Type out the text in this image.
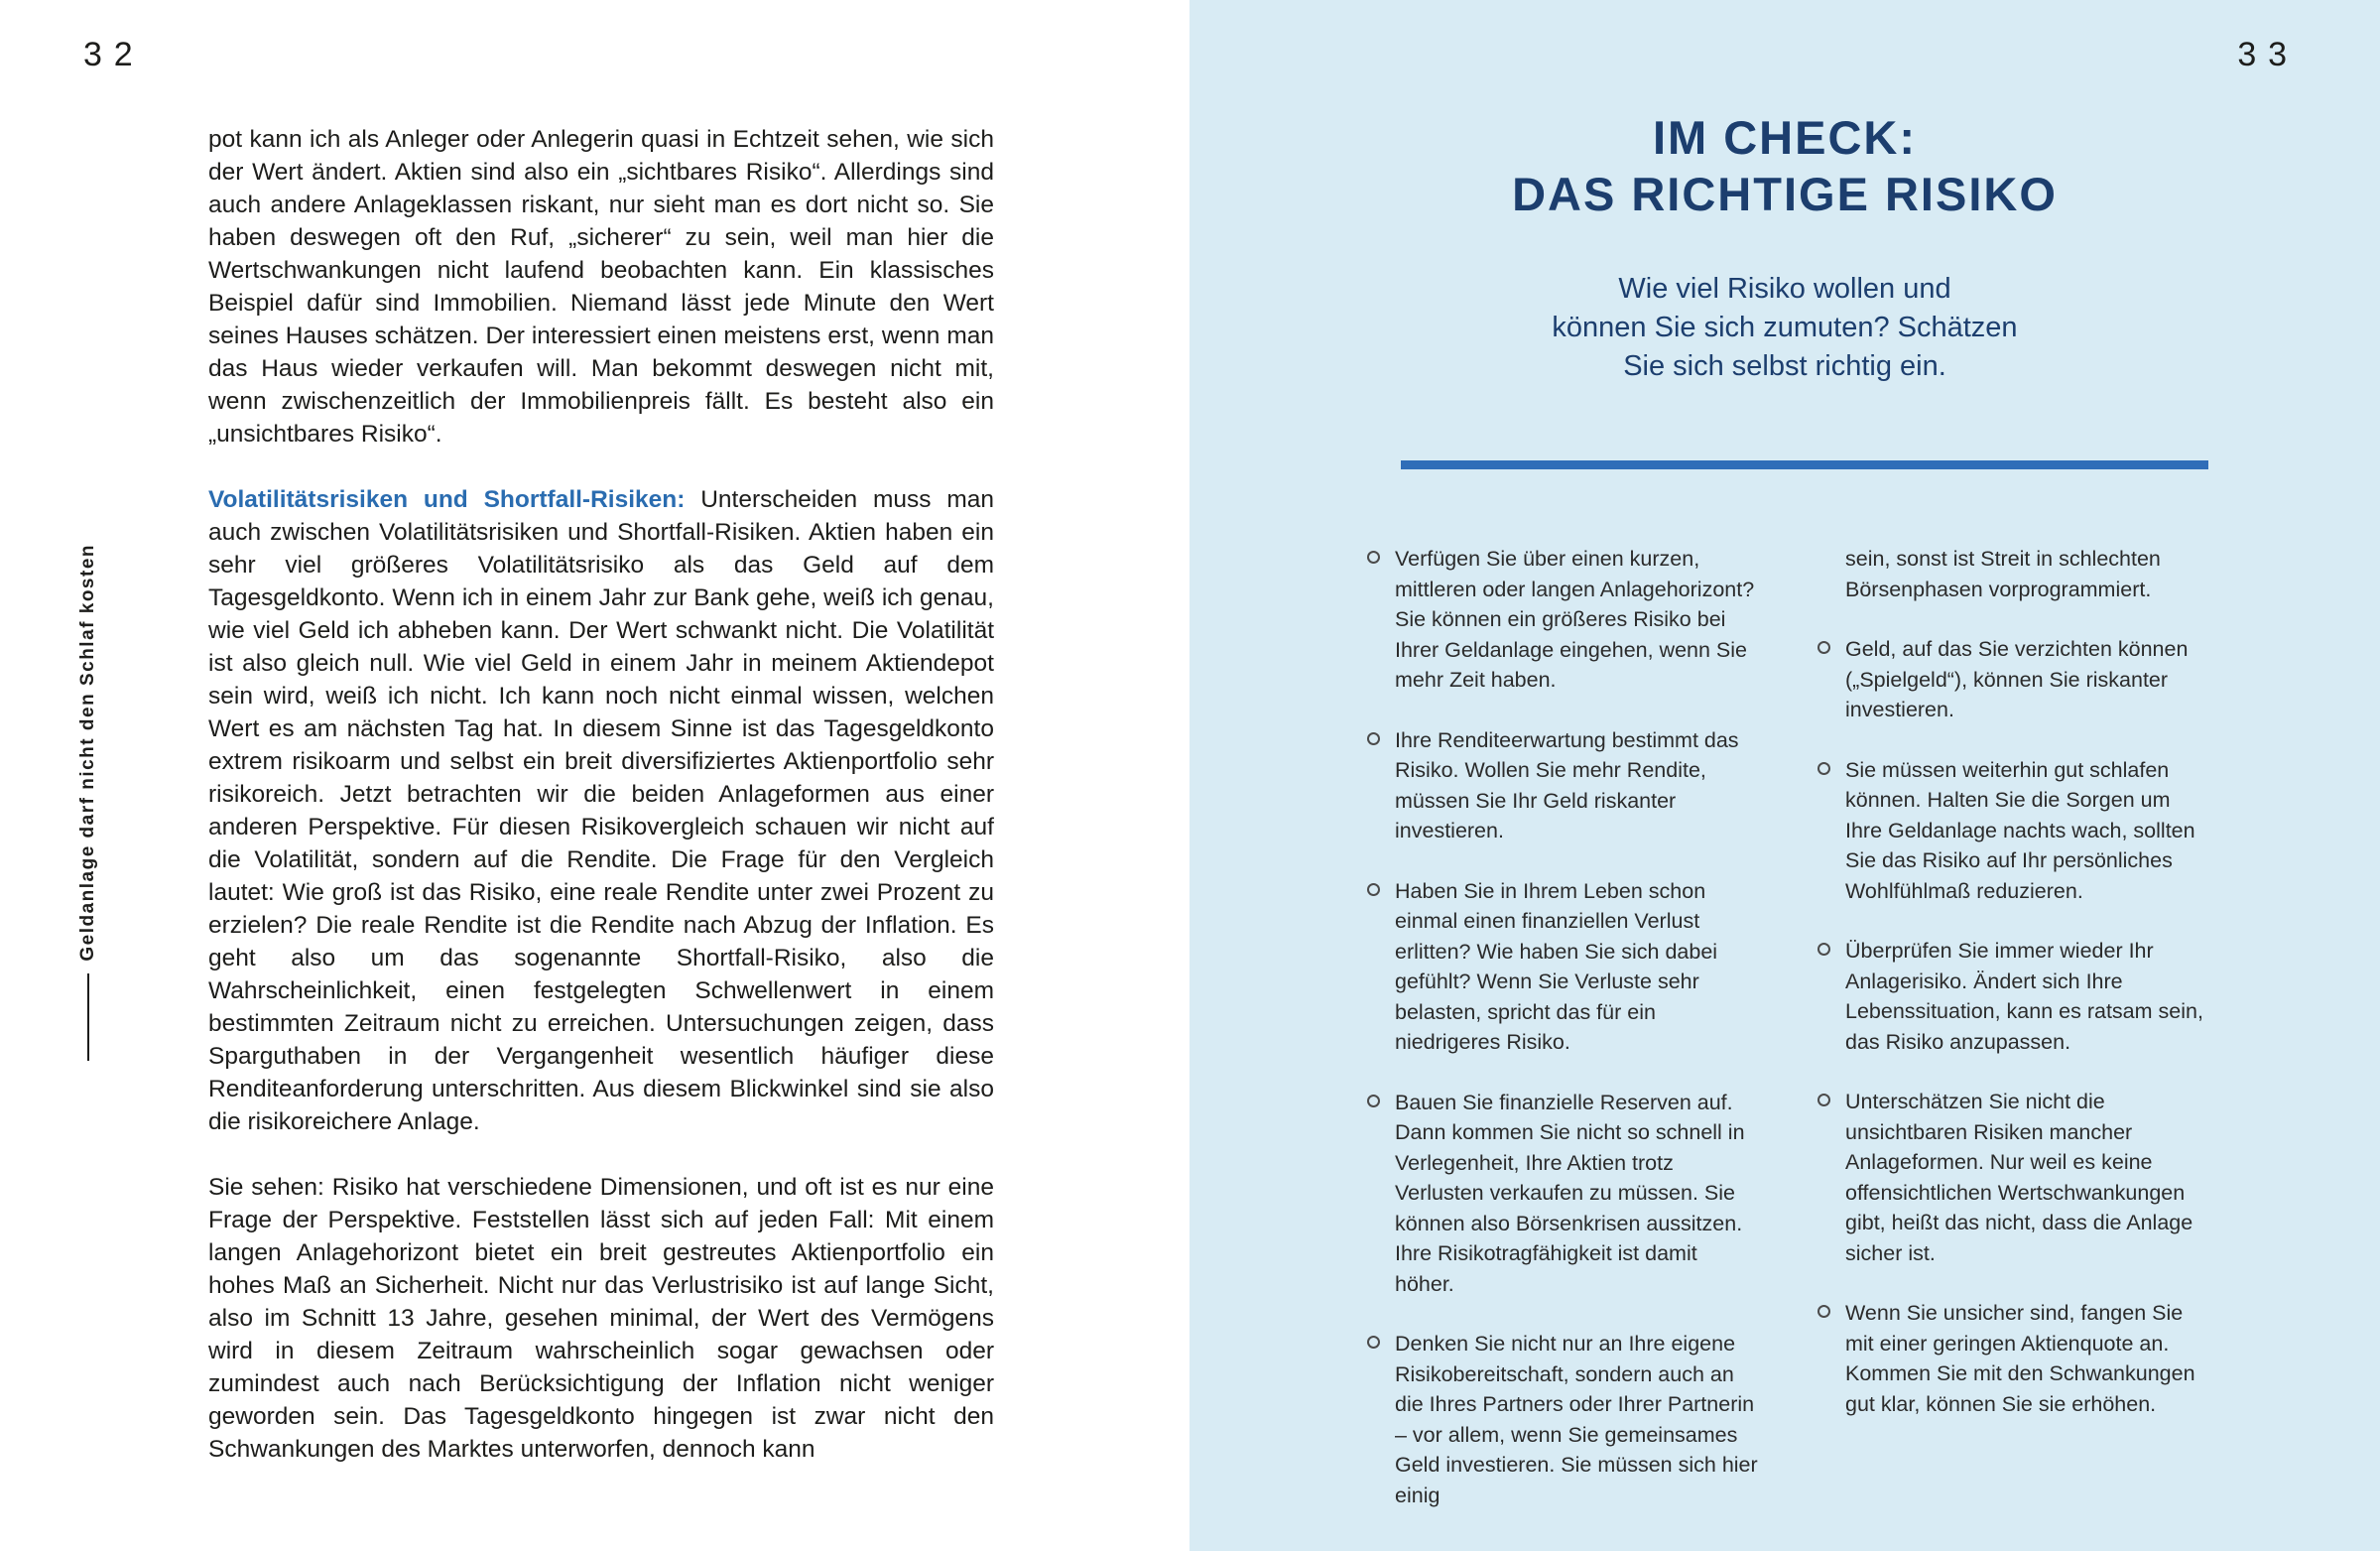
32
Geldanlage darf nicht den Schlaf kosten

pot kann ich als Anleger oder Anlegerin quasi in Echtzeit sehen, wie sich der Wert ändert. Aktien sind also ein „sichtbares Risiko“. Allerdings sind auch andere Anlageklassen riskant, nur sieht man es dort nicht so. Sie haben deswegen oft den Ruf, „sicherer“ zu sein, weil man hier die Wertschwankungen nicht laufend beobachten kann. Ein klassisches Beispiel dafür sind Immobilien. Niemand lässt jede Minute den Wert seines Hauses schätzen. Der interessiert einen meistens erst, wenn man das Haus wieder verkaufen will. Man bekommt deswegen nicht mit, wenn zwischenzeitlich der Immobilienpreis fällt. Es besteht also ein „unsichtbares Risiko“.

Volatilitätsrisiken und Shortfall-Risiken: Unterscheiden muss man auch zwischen Volatilitätsrisiken und Shortfall-Risiken. Aktien haben ein sehr viel größeres Volatilitätsrisiko als das Geld auf dem Tagesgeldkonto. Wenn ich in einem Jahr zur Bank gehe, weiß ich genau, wie viel Geld ich abheben kann. Der Wert schwankt nicht. Die Volatilität ist also gleich null. Wie viel Geld in einem Jahr in meinem Aktiendepot sein wird, weiß ich nicht. Ich kann noch nicht einmal wissen, welchen Wert es am nächsten Tag hat. In diesem Sinne ist das Tagesgeldkonto extrem risikoarm und selbst ein breit diversifiziertes Aktienportfolio sehr risikoreich. Jetzt betrachten wir die beiden Anlageformen aus einer anderen Perspektive. Für diesen Risikovergleich schauen wir nicht auf die Volatilität, sondern auf die Rendite. Die Frage für den Vergleich lautet: Wie groß ist das Risiko, eine reale Rendite unter zwei Prozent zu erzielen? Die reale Rendite ist die Rendite nach Abzug der Inflation. Es geht also um das sogenannte Shortfall-Risiko, also die Wahrscheinlichkeit, einen festgelegten Schwellenwert in einem bestimmten Zeitraum nicht zu erreichen. Untersuchungen zeigen, dass Sparguthaben in der Vergangenheit wesentlich häufiger diese Renditeanforderung unterschritten. Aus diesem Blickwinkel sind sie also die risikoreichere Anlage.

Sie sehen: Risiko hat verschiedene Dimensionen, und oft ist es nur eine Frage der Perspektive. Feststellen lässt sich auf jeden Fall: Mit einem langen Anlagehorizont bietet ein breit gestreutes Aktienportfolio ein hohes Maß an Sicherheit. Nicht nur das Verlustrisiko ist auf lange Sicht, also im Schnitt 13 Jahre, gesehen minimal, der Wert des Vermögens wird in diesem Zeitraum wahrscheinlich sogar gewachsen oder zumindest auch nach Berücksichtigung der Inflation nicht weniger geworden sein. Das Tagesgeldkonto hingegen ist zwar nicht den Schwankungen des Marktes unterworfen, dennoch kann

33
IM CHECK:
DAS RICHTIGE RISIKO
Wie viel Risiko wollen und
können Sie sich zumuten? Schätzen
Sie sich selbst richtig ein.

Verfügen Sie über einen kurzen, mittleren oder langen Anlagehorizont? Sie können ein größeres Risiko bei Ihrer Geldanlage eingehen, wenn Sie mehr Zeit haben.

Ihre Renditeerwartung bestimmt das Risiko. Wollen Sie mehr Rendite, müssen Sie Ihr Geld riskanter investieren.

Haben Sie in Ihrem Leben schon einmal einen finanziellen Verlust erlitten? Wie haben Sie sich dabei gefühlt? Wenn Sie Verluste sehr belasten, spricht das für ein niedrigeres Risiko.

Bauen Sie finanzielle Reserven auf. Dann kommen Sie nicht so schnell in Verlegenheit, Ihre Aktien trotz Verlusten verkaufen zu müssen. Sie können also Börsenkrisen aussitzen. Ihre Risikotragfähigkeit ist damit höher.

Denken Sie nicht nur an Ihre eigene Risikobereitschaft, sondern auch an die Ihres Partners oder Ihrer Partnerin – vor allem, wenn Sie gemeinsames Geld investieren. Sie müssen sich hier einig

sein, sonst ist Streit in schlechten Börsenphasen vorprogrammiert.

Geld, auf das Sie verzichten können („Spielgeld“), können Sie riskanter investieren.

Sie müssen weiterhin gut schlafen können. Halten Sie die Sorgen um Ihre Geldanlage nachts wach, sollten Sie das Risiko auf Ihr persönliches Wohlfühlmaß reduzieren.

Überprüfen Sie immer wieder Ihr Anlagerisiko. Ändert sich Ihre Lebenssituation, kann es ratsam sein, das Risiko anzupassen.

Unterschätzen Sie nicht die unsichtbaren Risiken mancher Anlageformen. Nur weil es keine offensichtlichen Wertschwankungen gibt, heißt das nicht, dass die Anlage sicher ist.

Wenn Sie unsicher sind, fangen Sie mit einer geringen Aktienquote an. Kommen Sie mit den Schwankungen gut klar, können Sie sie erhöhen.
